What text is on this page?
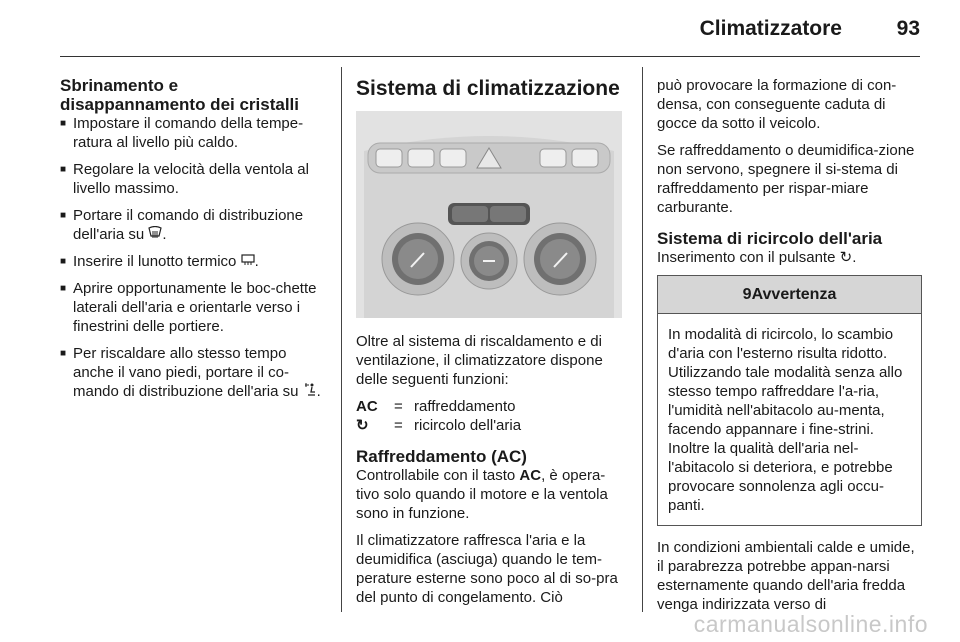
Climatizzatore	93
Sbrinamento e disappannamento dei cristalli
■ Impostare il comando della tempe-ratura al livello più caldo.
■ Regolare la velocità della ventola al livello massimo.
■ Portare il comando di distribuzione dell'aria su .
■ Inserire il lunotto termico .
■ Aprire opportunamente le boc-chette laterali dell'aria e orientarle verso i finestrini delle portiere.
■ Per riscaldare allo stesso tempo anche il vano piedi, portare il co-mando di distribuzione dell'aria su .
Sistema di climatizzazione

Oltre al sistema di riscaldamento e di ventilazione, il climatizzatore dispone delle seguenti funzioni:

AC	= raffreddamento
↻	= ricircolo dell'aria
Raffreddamento (AC)

Controllabile con il tasto AC, è opera-tivo solo quando il motore e la ventola sono in funzione.

Il climatizzatore raffresca l'aria e la deumidifica (asciuga) quando le tem-perature esterne sono poco al di so-pra del punto di congelamento. Ciò

può provocare la formazione di con-densa, con conseguente caduta di gocce da sotto il veicolo.

Se raffreddamento o deumidifica-zione non servono, spegnere il si-stema di raffreddamento per rispar-miare carburante.

Sistema di ricircolo dell'aria

Inserimento con il pulsante ↻.

9Avvertenza
In modalità di ricircolo, lo scambio d'aria con l'esterno risulta ridotto. Utilizzando tale modalità senza allo stesso tempo raffreddare l'a-ria, l'umidità nell'abitacolo au-menta, facendo appannare i fine-strini. Inoltre la qualità dell'aria nel-l'abitacolo si deteriora, e potrebbe provocare sonnolenza agli occu-panti.

In condizioni ambientali calde e umide, il parabrezza potrebbe appan-narsi esternamente quando dell'aria fredda venga indirizzata verso di

carmanualsonline.info
